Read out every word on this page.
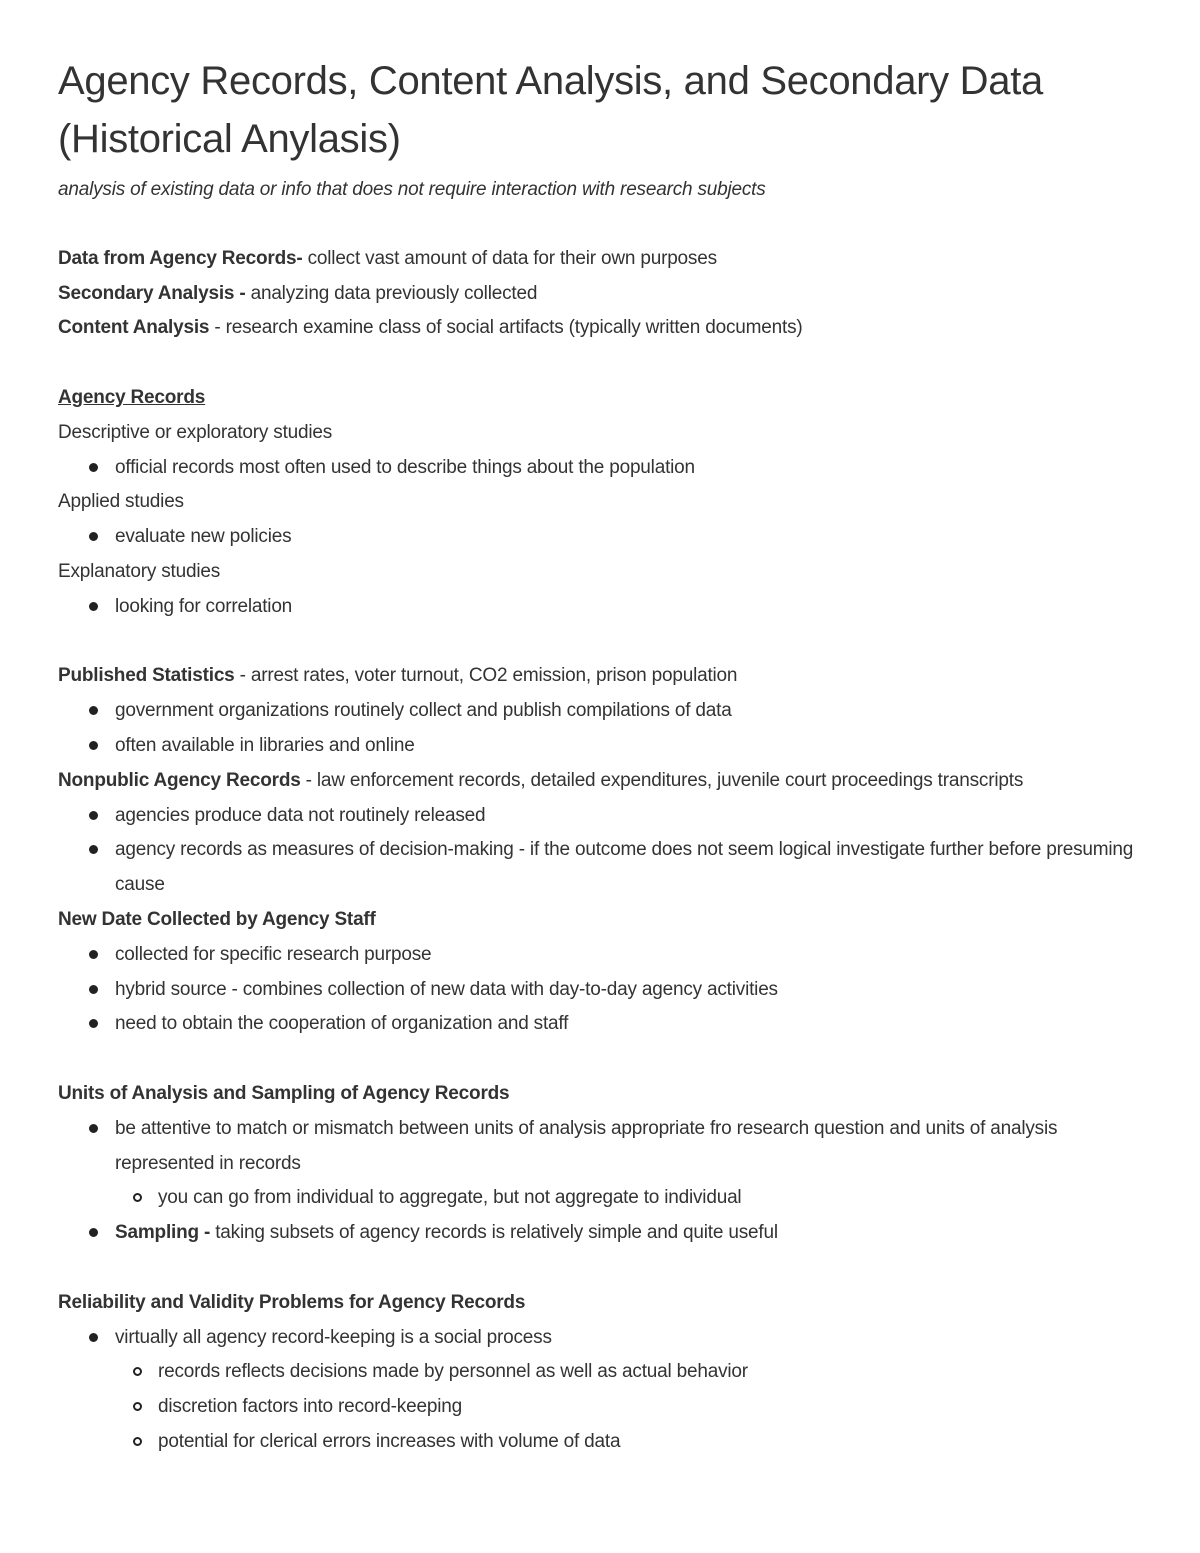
Agency Records, Content Analysis, and Secondary Data
(Historical Anylasis)
analysis of existing data or info that does not require interaction with research subjects
Data from Agency Records- collect vast amount of data for their own purposes
Secondary Analysis - analyzing data previously collected
Content Analysis - research examine class of social artifacts (typically written documents)
Agency Records
Descriptive or exploratory studies
official records most often used to describe things about the population
Applied studies
evaluate new policies
Explanatory studies
looking for correlation
Published Statistics - arrest rates, voter turnout, CO2 emission, prison population
government organizations routinely collect and publish compilations of data
often available in libraries and online
Nonpublic Agency Records - law enforcement records, detailed expenditures, juvenile court proceedings transcripts
agencies produce data not routinely released
agency records as measures of decision-making - if the outcome does not seem logical investigate further before presuming cause
New Date Collected by Agency Staff
collected for specific research purpose
hybrid source - combines collection of new data with day-to-day agency activities
need to obtain the cooperation of organization and staff
Units of Analysis and Sampling of Agency Records
be attentive to match or mismatch between units of analysis appropriate fro research question and units of analysis represented in records
you can go from individual to aggregate, but not aggregate to individual
Sampling - taking subsets of agency records is relatively simple and quite useful
Reliability and Validity Problems for Agency Records
virtually all agency record-keeping is a social process
records reflects decisions made by personnel as well as actual behavior
discretion factors into record-keeping
potential for clerical errors increases with volume of data
